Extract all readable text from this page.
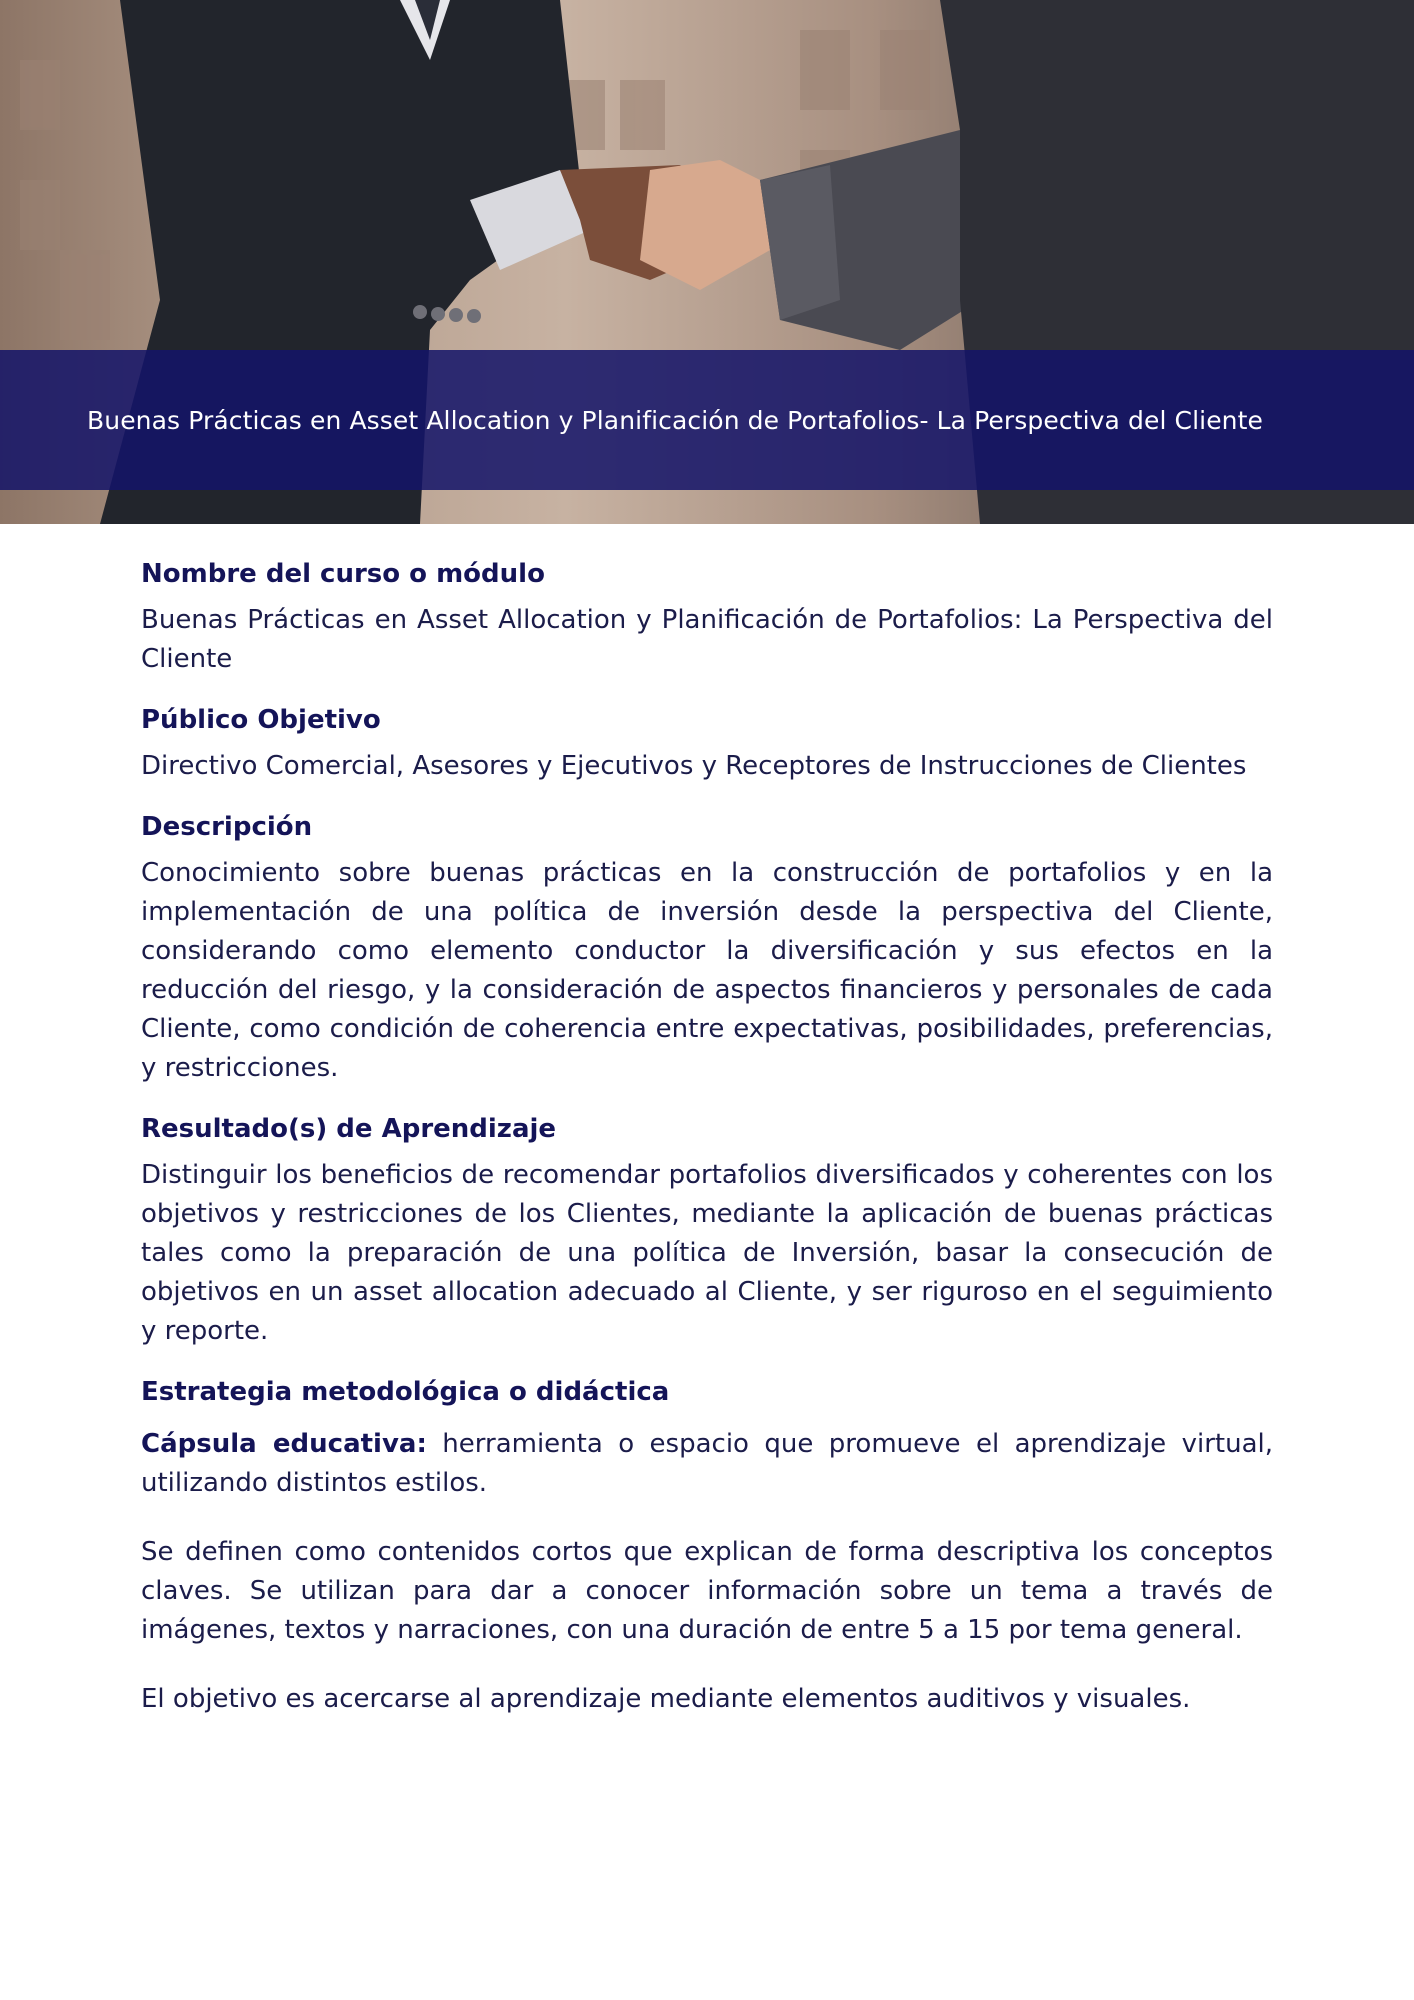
Buenas Prácticas en Asset Allocation y Planificación de Portafolios- La Perspectiva del Cliente
Nombre del curso o módulo

Buenas Prácticas en Asset Allocation y Planificación de Portafolios: La Perspectiva del Cliente

Público Objetivo

Directivo Comercial, Asesores y Ejecutivos y Receptores de Instrucciones de Clientes

Descripción

Conocimiento sobre buenas prácticas en la construcción de portafolios y en la implementación de una política de inversión desde la perspectiva del Cliente, considerando como elemento conductor la diversificación y sus efectos en la reducción del riesgo, y la consideración de aspectos financieros y personales de cada Cliente, como condición de coherencia entre expectativas, posibilidades, preferencias, y restricciones.

Resultado(s) de Aprendizaje

Distinguir los beneficios de recomendar portafolios diversificados y coherentes con los objetivos y restricciones de los Clientes, mediante la aplicación de buenas prácticas tales como la preparación de una política de Inversión, basar la consecución de objetivos en un asset allocation adecuado al Cliente, y ser riguroso en el seguimiento y reporte.

Estrategia metodológica o didáctica

Cápsula educativa: herramienta o espacio que promueve el aprendizaje virtual, utilizando distintos estilos.

Se definen como contenidos cortos que explican de forma descriptiva los conceptos claves. Se utilizan para dar a conocer información sobre un tema a través de imágenes, textos y narraciones, con una duración de entre 5 a 15 por tema general.

El objetivo es acercarse al aprendizaje mediante elementos auditivos y visuales.
